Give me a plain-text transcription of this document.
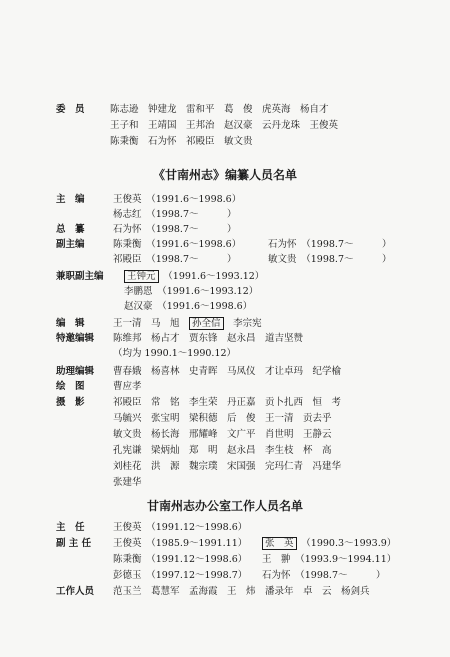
委　员	陈志逊　钟建龙　雷和平　葛　俊　虎英海　杨自才
王子和　王靖国　王邦治　赵汉豪　云丹龙珠　王俊英
陈秉衡　石为怀　祁殿臣　敏文贵
《甘南州志》编纂人员名单
主　编	王俊英　（1991.6～1998.6）
杨志红　（1998.7～　　　）
总　纂	石为怀　（1998.7～　　　）
副主编	陈秉衡　（1991.6～1998.6）	石为怀　（1998.7～　　　）
祁殿臣　（1998.7～　　　）	敏文贵　（1998.7～　　　）
兼职副主编	王钟元　 （1991.6～1993.12）
李鹏恩　（1991.6～1993.12）
赵汉豪　（1991.6～1998.6）
编　辑	王一清　马　旭　 孙全信　 李宗宪
特邀编辑 陈维邦　杨占才　贾东锋　赵永昌　道吉坚赞
（均为 1990.1～1990.12）
助理编辑 曹春娥　杨喜林　史青晖　马凤仪　才让卓玛　纪学榆
绘　图	曹应孝
摄　影	祁殿臣　常　铭　李生荣　丹正嘉　贡卜扎西　恒　考
马毓兴　张宝明　梁积德　后　俊　王一清　贡去乎
敏文贵　杨长海　邢耀峰　文广平　肖世明　王静云
孔宪谦　梁炳灿　郑　明　赵永昌　李生枝　杯　高
刘桂花　洪　源　魏宗璞　宋国强　完玛仁青　冯建华
张建华
甘南州志办公室工作人员名单
主　任	王俊英　（1991.12～1998.6）
副 主 任 王俊英　（1985.9～1991.11）	张　英　 （1990.3～1993.9）
陈秉衡　（1991.12～1998.6） 王　翀　（1993.9～1994.11）
彭德玉　（1997.12～1998.7） 石为怀　（1998.7～　　　）
工作人员 范玉兰　葛慧军　孟海霞　王　炜　潘录年　卓　云　杨剑兵
